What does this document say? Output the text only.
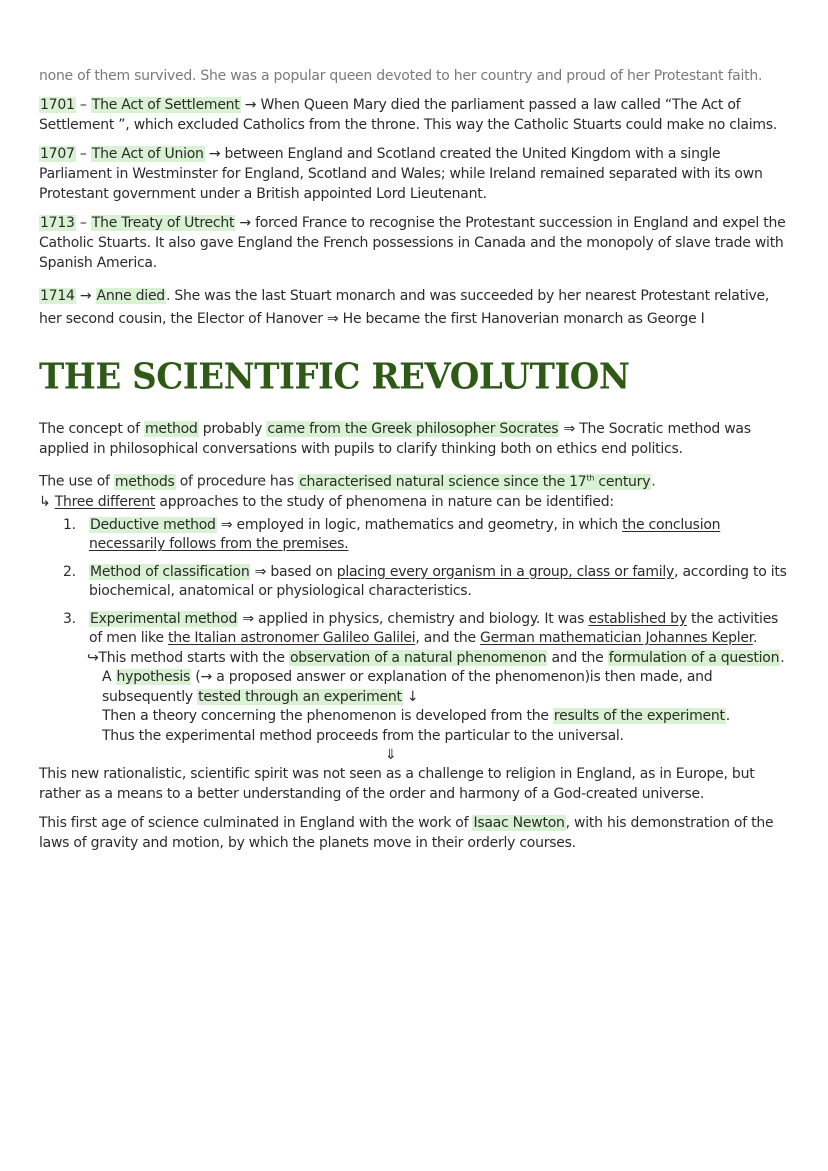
none of them survived. She was a popular queen devoted to her country and proud of her Protestant faith.

1701 – The Act of Settlement → When Queen Mary died the parliament passed a law called “The Act of Settlement ”, which excluded Catholics from the throne. This way the Catholic Stuarts could make no claims.

1707 – The Act of Union → between England and Scotland created the United Kingdom with a single Parliament in Westminster for England, Scotland and Wales; while Ireland remained separated with its own Protestant government under a British appointed Lord Lieutenant.

1713 – The Treaty of Utrecht → forced France to recognise the Protestant succession in England and expel the Catholic Stuarts. It also gave England the French possessions in Canada and the monopoly of slave trade with Spanish America.

1714 → Anne died. She was the last Stuart monarch and was succeeded by her nearest Protestant relative, her second cousin, the Elector of Hanover ⇒ He became the first Hanoverian monarch as George I

THE SCIENTIFIC REVOLUTION

The concept of method probably came from the Greek philosopher Socrates ⇒ The Socratic method was applied in philosophical conversations with pupils to clarify thinking both on ethics end politics.

The use of methods of procedure has characterised natural science since the 17th century.

↳ Three different approaches to the study of phenomena in nature can be identified:

1. Deductive method ⇒ employed in logic, mathematics and geometry, in which the conclusion necessarily follows from the premises.
2. Method of classification ⇒ based on placing every organism in a group, class or family, according to its biochemical, anatomical or physiological characteristics.
3. Experimental method ⇒ applied in physics, chemistry and biology. It was established by the activities of men like the Italian astronomer Galileo Galilei, and the German mathematician Johannes Kepler.
↪This method starts with the observation of a natural phenomenon and the formulation of a question.
A hypothesis (→ a proposed answer or explanation of the phenomenon)is then made, and
subsequently tested through an experiment ↓
Then a theory concerning the phenomenon is developed from the results of the experiment.
Thus the experimental method proceeds from the particular to the universal.
⇓

This new rationalistic, scientific spirit was not seen as a challenge to religion in England, as in Europe, but rather as a means to a better understanding of the order and harmony of a God-created universe.

This first age of science culminated in England with the work of Isaac Newton, with his demonstration of the laws of gravity and motion, by which the planets move in their orderly courses.
